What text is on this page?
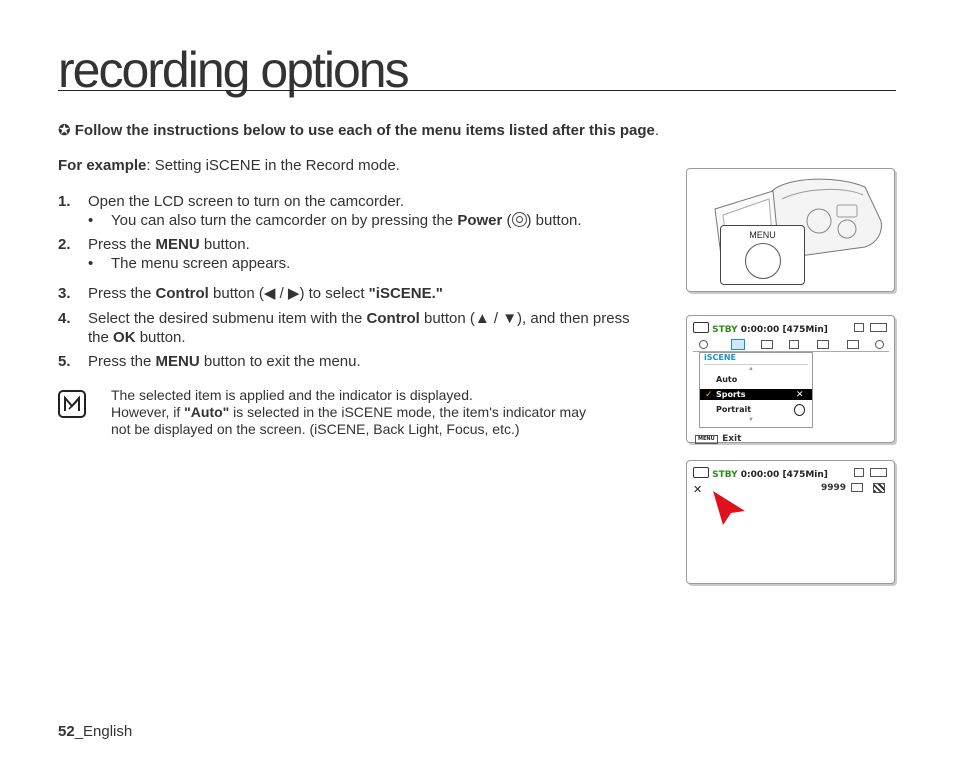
recording options
✪ Follow the instructions below to use each of the menu items listed after this page.
For example: Setting iSCENE in the Record mode.
1. Open the LCD screen to turn on the camcorder.
• You can also turn the camcorder on by pressing the Power ( ) button.
2. Press the MENU button.
• The menu screen appears.
3. Press the Control button (◀ / ▶) to select "iSCENE."
4. Select the desired submenu item with the Control button (▲ / ▼), and then press
the OK button.
5. Press the MENU button to exit the menu.
The selected item is applied and the indicator is displayed.
However, if "Auto" is selected in the iSCENE mode, the item's indicator may
not be displayed on the screen. (iSCENE, Back Light, Focus, etc.)
MENU
STBY 0:00:00 [475Min]
iSCENE
▲
Auto
✓ Sports	✕
Portrait
▼
MENU Exit
STBY 0:00:00 [475Min]
✕	9999
52_English
